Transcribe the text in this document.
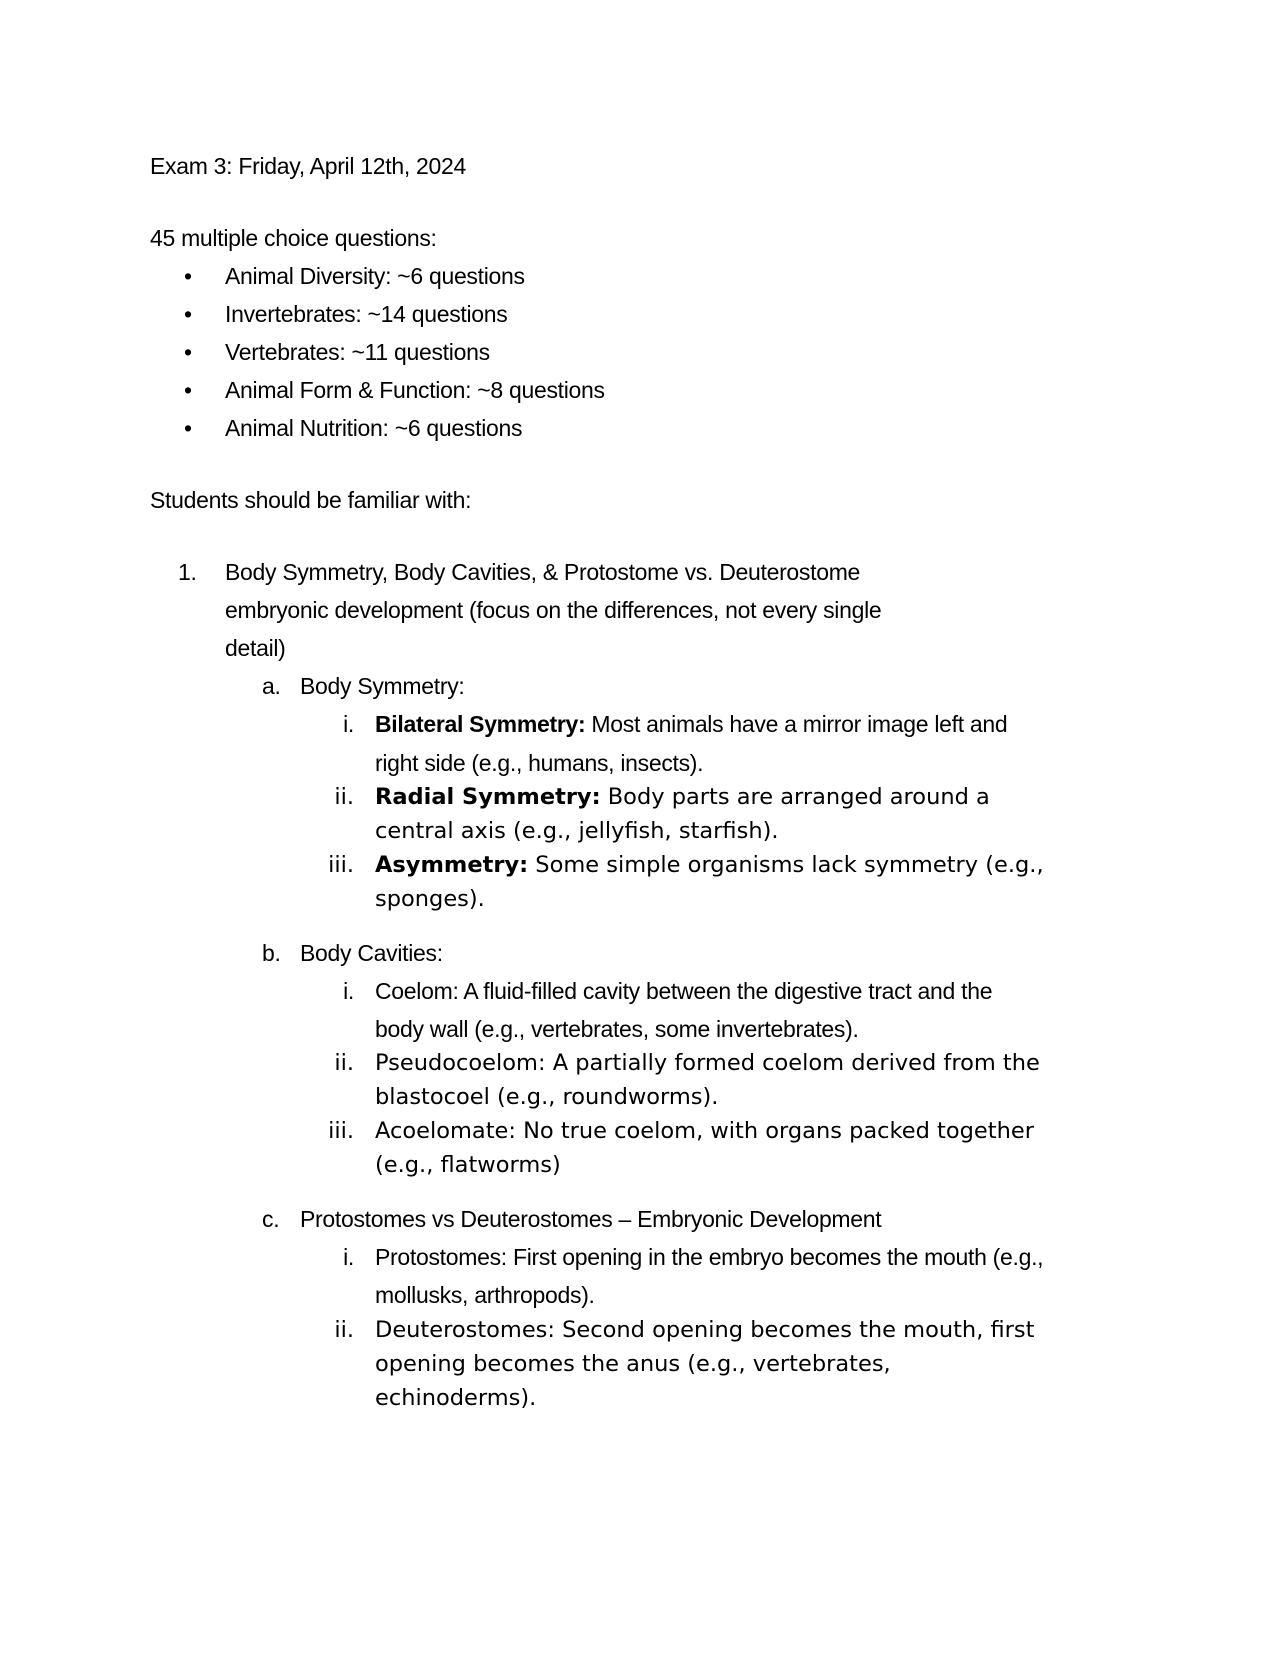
Exam 3: Friday, April 12th, 2024
45 multiple choice questions:
• Animal Diversity: ~6 questions
• Invertebrates: ~14 questions
• Vertebrates: ~11 questions
• Animal Form & Function: ~8 questions
• Animal Nutrition: ~6 questions
Students should be familiar with:
1.	Body Symmetry, Body Cavities, & Protostome vs. Deuterostome
embryonic development (focus on the differences, not every single
detail)
a. Body Symmetry:
i. Bilateral Symmetry: Most animals have a mirror image left and
right side (e.g., humans, insects).
ii. Radial Symmetry: Body parts are arranged around a
central axis (e.g., jellyfish, starfish).
iii. Asymmetry: Some simple organisms lack symmetry (e.g.,
sponges).
b. Body Cavities:
i. Coelom: A fluid-filled cavity between the digestive tract and the
body wall (e.g., vertebrates, some invertebrates).
ii. Pseudocoelom: A partially formed coelom derived from the
blastocoel (e.g., roundworms).
iii. Acoelomate: No true coelom, with organs packed together
(e.g., flatworms)
c. Protostomes vs Deuterostomes – Embryonic Development
i. Protostomes: First opening in the embryo becomes the mouth (e.g.,
mollusks, arthropods).
ii. Deuterostomes: Second opening becomes the mouth, first
opening becomes the anus (e.g., vertebrates,
echinoderms).
